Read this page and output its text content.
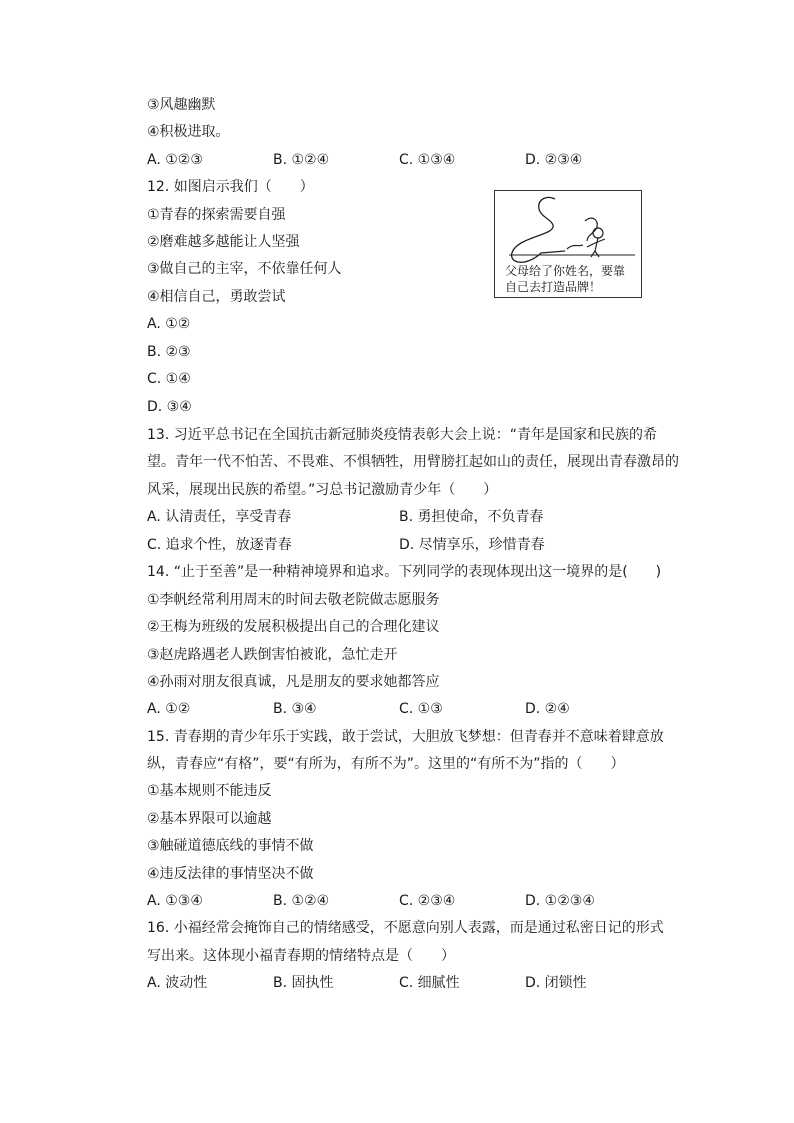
③风趣幽默

④积极进取。

A. ①②③	B. ①②④	C. ①③④	D. ②③④

12. 如图启示我们（　　）

①青春的探索需要自强

②磨难越多越能让人坚强

③做自己的主宰，不依靠任何人

④相信自己，勇敢尝试

A. ①②

B. ②③

C. ①④

D. ③④

父母给了你姓名，要靠自己去打造品牌！

13. 习近平总书记在全国抗击新冠肺炎疫情表彰大会上说：“青年是国家和民族的希

望。青年一代不怕苦、不畏难、不惧牺牲，用臂膀扛起如山的责任，展现出青春激昂的

风采，展现出民族的希望。”习总书记激励青少年（　　）

A. 认清责任，享受青春	B. 勇担使命，不负青春
C. 追求个性，放逐青春	D. 尽情享乐，珍惜青春

14. “止于至善”是一种精神境界和追求。下列同学的表现体现出这一境界的是(　　)

①李帆经常利用周末的时间去敬老院做志愿服务

②王梅为班级的发展积极提出自己的合理化建议

③赵虎路遇老人跌倒害怕被讹，急忙走开

④孙雨对朋友很真诚，凡是朋友的要求她都答应

A. ①②	B. ③④	C. ①③	D. ②④

15. 青春期的青少年乐于实践，敢于尝试，大胆放飞梦想：但青春并不意味着肆意放

纵，青春应“有格”，要“有所为，有所不为”。这里的“有所不为”指的（　　）

①基本规则不能违反

②基本界限可以逾越

③触碰道德底线的事情不做

④违反法律的事情坚决不做

A. ①③④	B. ①②④	C. ②③④	D. ①②③④

16. 小福经常会掩饰自己的情绪感受，不愿意向别人表露，而是通过私密日记的形式

写出来。这体现小福青春期的情绪特点是（　　）

A. 波动性	B. 固执性	C. 细腻性	D. 闭锁性
